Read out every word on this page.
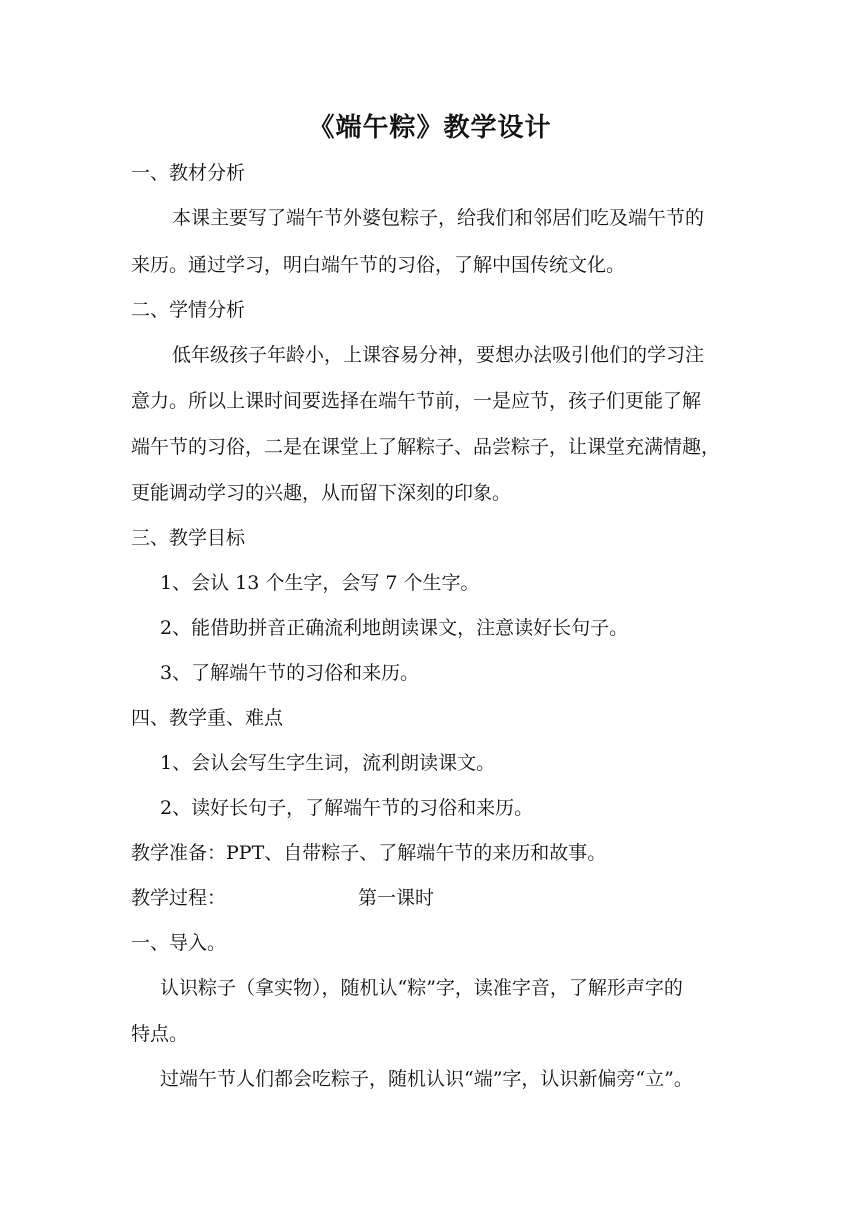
《端午粽》教学设计
一、教材分析
本课主要写了端午节外婆包粽子，给我们和邻居们吃及端午节的
来历。通过学习，明白端午节的习俗，了解中国传统文化。
二、学情分析
低年级孩子年龄小，上课容易分神，要想办法吸引他们的学习注
意力。所以上课时间要选择在端午节前，一是应节，孩子们更能了解
端午节的习俗，二是在课堂上了解粽子、品尝粽子，让课堂充满情趣，
更能调动学习的兴趣，从而留下深刻的印象。
三、教学目标
1、会认 13 个生字，会写 7 个生字。
2、能借助拼音正确流利地朗读课文，注意读好长句子。
3、了解端午节的习俗和来历。
四、教学重、难点
1、会认会写生字生词，流利朗读课文。
2、读好长句子，了解端午节的习俗和来历。
教学准备：PPT、自带粽子、了解端午节的来历和故事。
教学过程：	第一课时
一、导入。
认识粽子（拿实物），随机认“粽”字，读准字音，了解形声字的
特点。
过端午节人们都会吃粽子，随机认识“端”字，认识新偏旁“立”。
